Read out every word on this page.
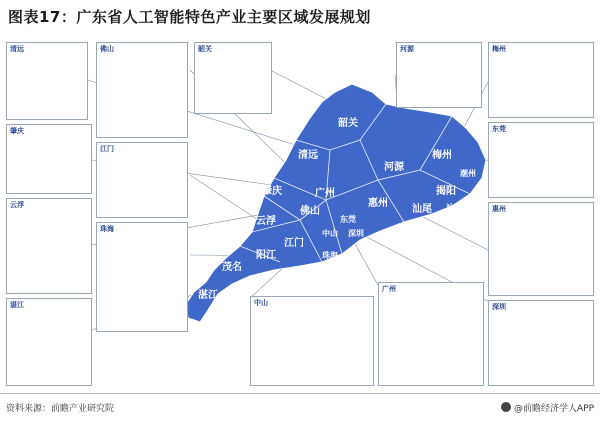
图表17：广东省人工智能特色产业主要区域发展规划
韶关
清远
河源
梅州
潮州
揭阳
汕头
汕尾
惠州
广州
佛山
肇庆
云浮	东莞
深圳
中山
江门
珠海
阳江
茂名
湛江
清远	佛山	韶关	河源	梅州
肇庆
江门
东莞
云浮
珠海
惠州
湛江	中山
广州
深圳
资料来源：前瞻产业研究院	@前瞻经济学人APP
